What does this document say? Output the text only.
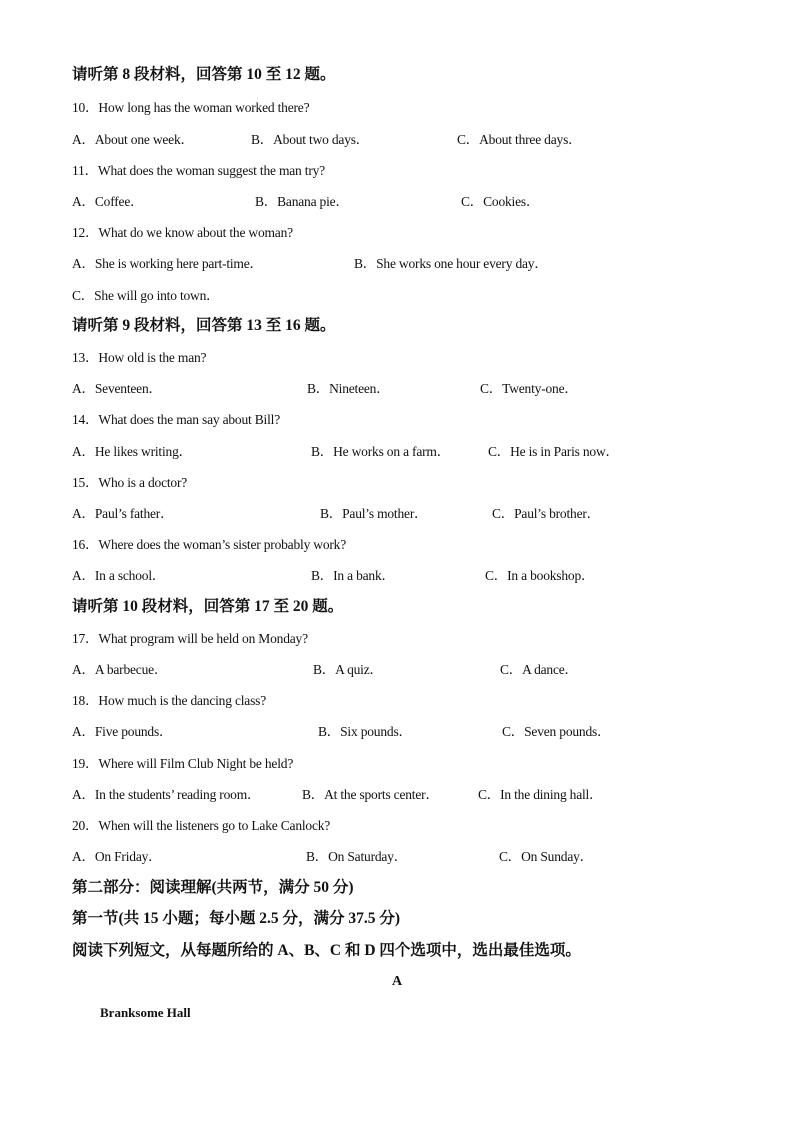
请听第 8 段材料，回答第 10 至 12 题。
10．How long has the woman worked there?
A．About one week．	B．About two days．	C．About three days．
11．What does the woman suggest the man try?
A．Coffee．	B．Banana pie．	C．Cookies．
12．What do we know about the woman?
A．She is working here part-time．	B．She works one hour every day．
C．She will go into town．
请听第 9 段材料，回答第 13 至 16 题。
13．How old is the man?
A．Seventeen．	B．Nineteen．	C．Twenty-one．
14．What does the man say about Bill?
A．He likes writing．	B．He works on a farm．	C．He is in Paris now．
15．Who is a doctor?
A．Paul’s father．	B．Paul’s mother．	C．Paul’s brother．
16．Where does the woman’s sister probably work?
A．In a school．	B．In a bank．	C．In a bookshop．
请听第 10 段材料，回答第 17 至 20 题。
17．What program will be held on Monday?
A．A barbecue．	B．A quiz．	C．A dance．
18．How much is the dancing class?
A．Five pounds．	B．Six pounds．	C．Seven pounds．
19．Where will Film Club Night be held?
A．In the students’ reading room．	B．At the sports center．	C．In the dining hall．
20．When will the listeners go to Lake Canlock?
A．On Friday．	B．On Saturday．	C．On Sunday．
第二部分：阅读理解(共两节，满分 50 分)
第一节(共 15 小题；每小题 2.5 分，满分 37.5 分)
阅读下列短文，从每题所给的 A、B、C 和 D 四个选项中，选出最佳选项。
A
Branksome Hall
